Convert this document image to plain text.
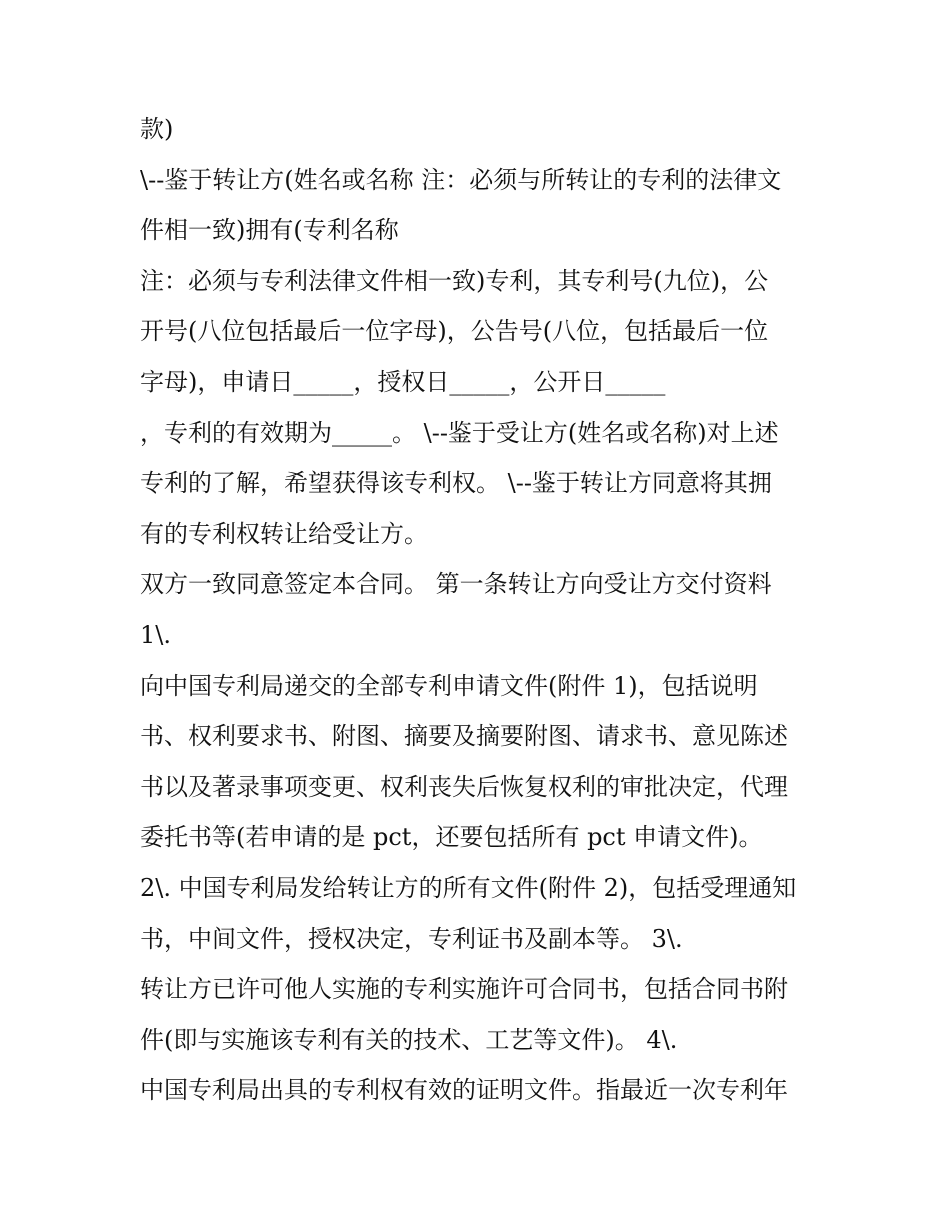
款)
\--鉴于转让方(姓名或名称 注：必须与所转让的专利的法律文
件相一致)拥有(专利名称
注：必须与专利法律文件相一致)专利，其专利号(九位)，公
开号(八位包括最后一位字母)，公告号(八位，包括最后一位
字母)，申请日_____，授权日_____，公开日_____
，专利的有效期为_____。 \--鉴于受让方(姓名或名称)对上述
专利的了解，希望获得该专利权。 \--鉴于转让方同意将其拥
有的专利权转让给受让方。
双方一致同意签定本合同。 第一条转让方向受让方交付资料
1\.
向中国专利局递交的全部专利申请文件(附件 1)，包括说明
书、权利要求书、附图、摘要及摘要附图、请求书、意见陈述
书以及著录事项变更、权利丧失后恢复权利的审批决定，代理
委托书等(若申请的是 pct，还要包括所有 pct 申请文件)。
2\. 中国专利局发给转让方的所有文件(附件 2)，包括受理通知
书，中间文件，授权决定，专利证书及副本等。 3\.
转让方已许可他人实施的专利实施许可合同书，包括合同书附
件(即与实施该专利有关的技术、工艺等文件)。 4\.
中国专利局出具的专利权有效的证明文件。指最近一次专利年
